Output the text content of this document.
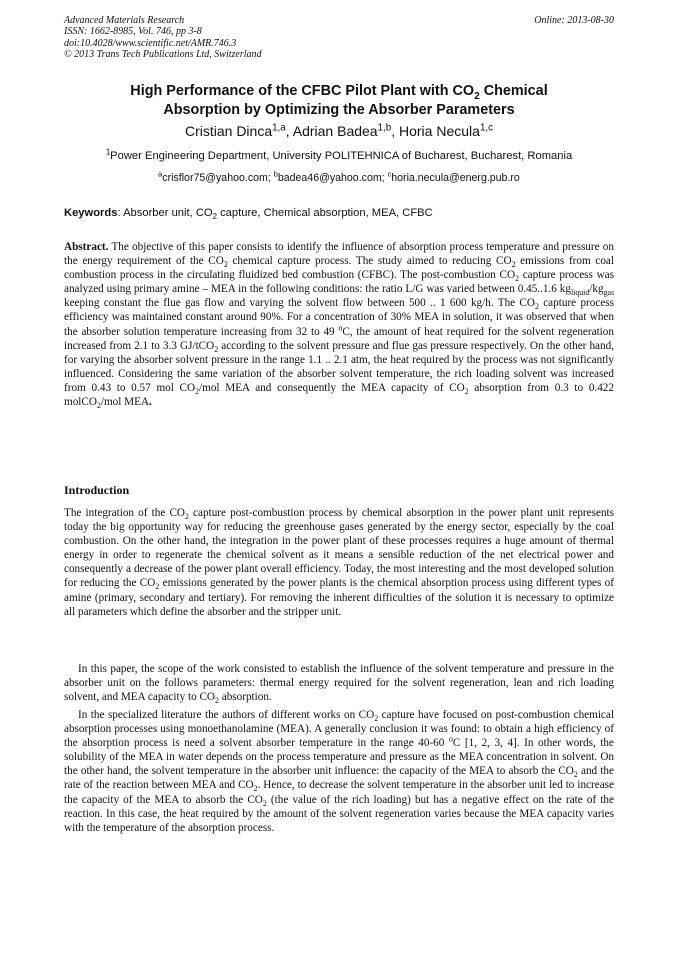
Advanced Materials Research
ISSN: 1662-8985, Vol. 746, pp 3-8
doi:10.4028/www.scientific.net/AMR.746.3
© 2013 Trans Tech Publications Ltd, Switzerland
Online: 2013-08-30
High Performance of the CFBC Pilot Plant with $CO_2$ Chemical
Absorption by Optimizing the Absorber Parameters
Cristian Dinca$^{1,a}$, Adrian Badea$^{1,b}$, Horia Necula$^{1,c}$
$^1$Power Engineering Department, University POLITEHNICA of Bucharest, Bucharest, Romania
$^a$crisflor75@yahoo.com; $^b$badea46@yahoo.com; $^c$horia.necula@energ.pub.ro
Keywords: Absorber unit, $CO_2$ capture, Chemical absorption, MEA, CFBC
Abstract. The objective of this paper consists to identify the influence of absorption process temperature and pressure on the energy requirement of the $CO_2$ chemical capture process. The study aimed to reducing $CO_2$ emissions from coal combustion process in the circulating fluidized bed combustion (CFBC). The post-combustion $CO_2$ capture process was analyzed using primary amine – MEA in the following conditions: the ratio L/G was varied between 0.45..1.6 $kg_{liquid}/kg_{gas}$ keeping constant the flue gas flow and varying the solvent flow between 500 .. 1 600 kg/h. The $CO_2$ capture process efficiency was maintained constant around 90%. For a concentration of 30% MEA in solution, it was observed that when the absorber solution temperature increasing from 32 to 49 $^o$C, the amount of heat required for the solvent regeneration increased from 2.1 to 3.3 GJ/tCO$_2$ according to the solvent pressure and flue gas pressure respectively. On the other hand, for varying the absorber solvent pressure in the range 1.1 .. 2.1 atm, the heat required by the process was not significantly influenced. Considering the same variation of the absorber solvent temperature, the rich loading solvent was increased from 0.43 to 0.57 mol $CO_2$/mol MEA and consequently the MEA capacity of $CO_2$ absorption from 0.3 to 0.422 molCO$_2$/mol MEA.
Introduction
The integration of the $CO_2$ capture post-combustion process by chemical absorption in the power plant unit represents today the big opportunity way for reducing the greenhouse gases generated by the energy sector, especially by the coal combustion. On the other hand, the integration in the power plant of these processes requires a huge amount of thermal energy in order to regenerate the chemical solvent as it means a sensible reduction of the net electrical power and consequently a decrease of the power plant overall efficiency. Today, the most interesting and the most developed solution for reducing the $CO_2$ emissions generated by the power plants is the chemical absorption process using different types of amine (primary, secondary and tertiary). For removing the inherent difficulties of the solution it is necessary to optimize all parameters which define the absorber and the stripper unit.
In this paper, the scope of the work consisted to establish the influence of the solvent temperature and pressure in the absorber unit on the follows parameters: thermal energy required for the solvent regeneration, lean and rich loading solvent, and MEA capacity to $CO_2$ absorption.
In the specialized literature the authors of different works on $CO_2$ capture have focused on post-combustion chemical absorption processes using monoethanolamine (MEA). A generally conclusion it was found: to obtain a high efficiency of the absorption process is need a solvent absorber temperature in the range 40-60 $^o$C [1, 2, 3, 4]. In other words, the solubility of the MEA in water depends on the process temperature and pressure as the MEA concentration in solvent. On the other hand, the solvent temperature in the absorber unit influence: the capacity of the MEA to absorb the $CO_2$ and the rate of the reaction between MEA and $CO_2$. Hence, to decrease the solvent temperature in the absorber unit led to increase the capacity of the MEA to absorb the $CO_2$ (the value of the rich loading) but has a negative effect on the rate of the reaction. In this case, the heat required by the amount of the solvent regeneration varies because the MEA capacity varies with the temperature of the absorption process.
